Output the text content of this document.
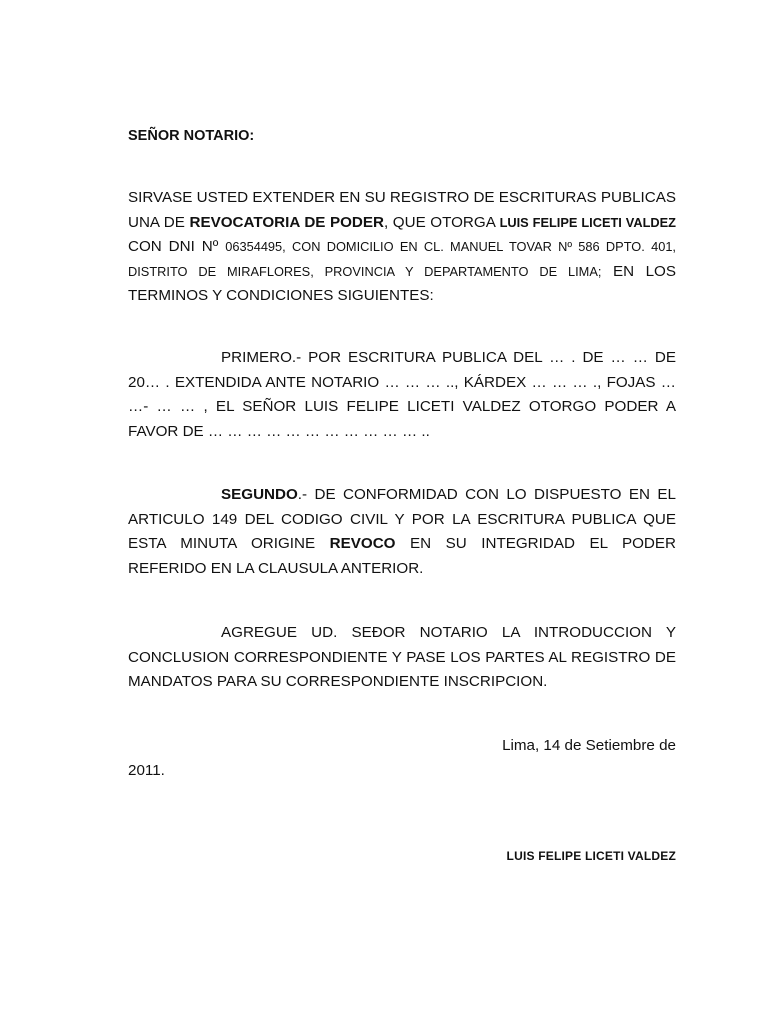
SEÑOR NOTARIO:
SIRVASE USTED EXTENDER EN SU REGISTRO DE ESCRITURAS PUBLICAS UNA DE REVOCATORIA DE PODER, QUE OTORGA LUIS FELIPE LICETI VALDEZ CON DNI Nº 06354495, CON DOMICILIO EN CL. MANUEL TOVAR Nº 586 DPTO. 401, DISTRITO DE MIRAFLORES, PROVINCIA Y DEPARTAMENTO DE LIMA; EN LOS TERMINOS Y CONDICIONES SIGUIENTES:
PRIMERO.- POR ESCRITURA PUBLICA DEL … . DE … … DE 20… . EXTENDIDA ANTE NOTARIO … … … .., KÁRDEX … … … ., FOJAS … …- … … , EL SEÑOR LUIS FELIPE LICETI VALDEZ OTORGO PODER A FAVOR DE … … … … … … … … … … … ..
SEGUNDO.- DE CONFORMIDAD CON LO DISPUESTO EN EL ARTICULO 149 DEL CODIGO CIVIL Y POR LA ESCRITURA PUBLICA QUE ESTA MINUTA ORIGINE REVOCO EN SU INTEGRIDAD EL PODER REFERIDO EN LA CLAUSULA ANTERIOR.
AGREGUE UD. SEÐOR NOTARIO LA INTRODUCCION Y CONCLUSION CORRESPONDIENTE Y PASE LOS PARTES AL REGISTRO DE MANDATOS PARA SU CORRESPONDIENTE INSCRIPCION.
Lima, 14 de Setiembre de
2011.
LUIS FELIPE LICETI VALDEZ
